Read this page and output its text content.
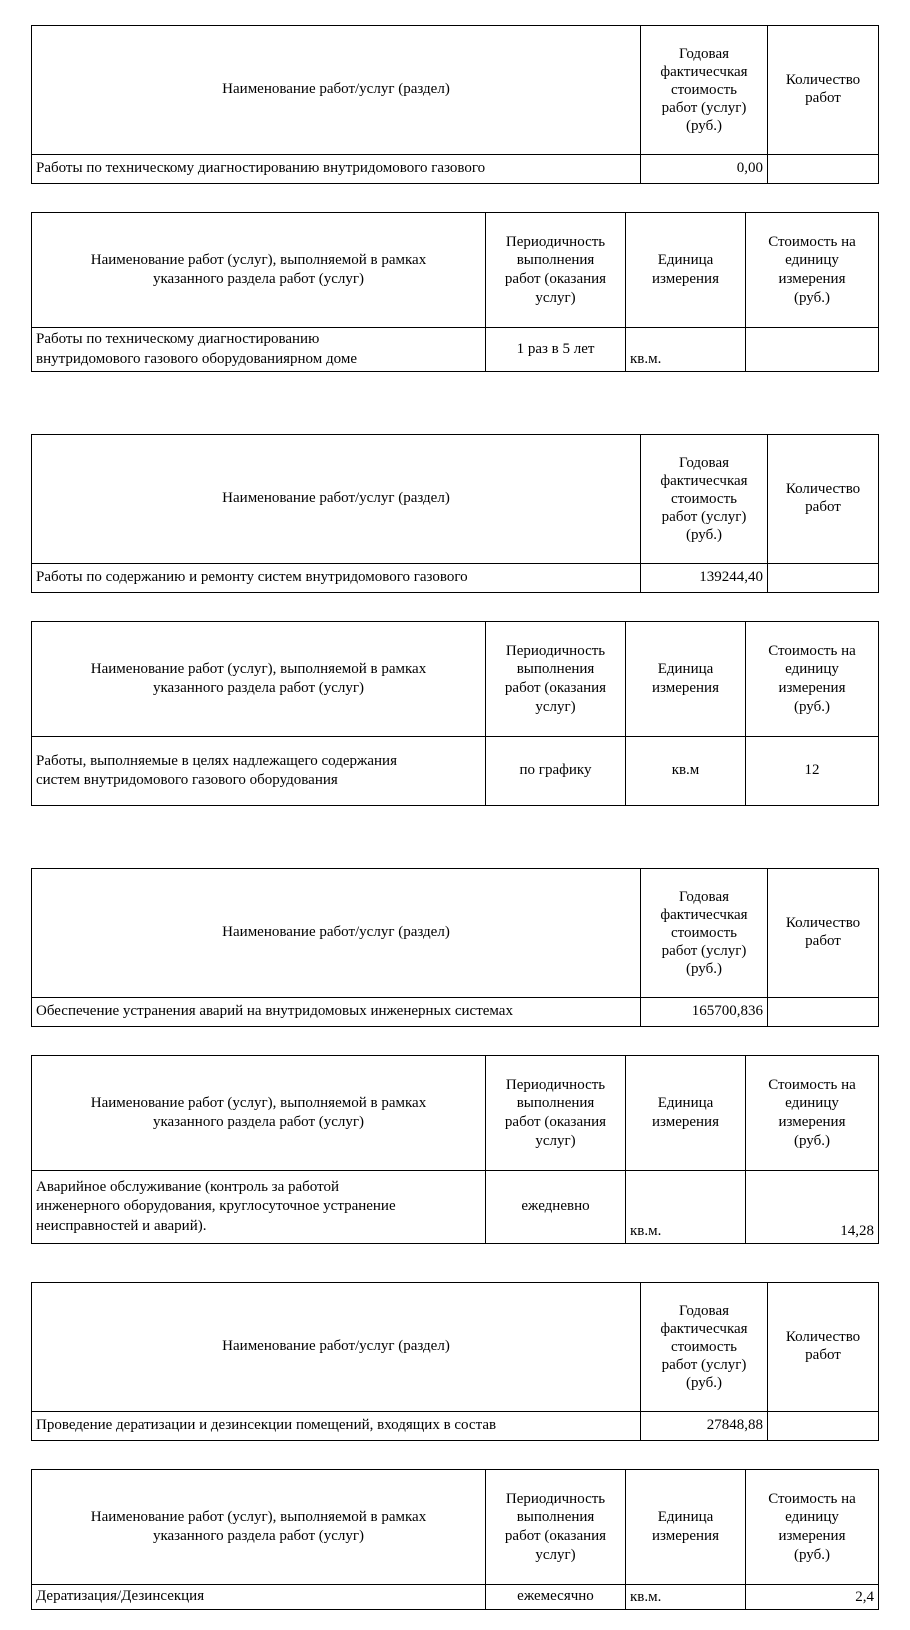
Наименование работ/услуг (раздел)	Годовая
фактичесчкая
стоимость
работ (услуг)
(руб.)	Количество
работ

Работы по техническому диагностированию внутридомового газового	0,00	
Наименование работ (услуг), выполняемой в рамках
указанного раздела работ (услуг)	Периодичность
выполнения
работ (оказания
услуг)	Единица
измерения	Стоимость на
единицу
измерения
(руб.)

Работы по техническому диагностированию
внутридомового газового оборудованиярном доме	1 раз в 5 лет	кв.м.	
Наименование работ/услуг (раздел)	Годовая
фактичесчкая
стоимость
работ (услуг)
(руб.)	Количество
работ

Работы по содержанию и ремонту систем внутридомового газового	139244,40	
Наименование работ (услуг), выполняемой в рамках
указанного раздела работ (услуг)	Периодичность
выполнения
работ (оказания
услуг)	Единица
измерения	Стоимость на
единицу
измерения
(руб.)

Работы, выполняемые в целях надлежащего содержания
систем внутридомового газового оборудования	по графику	кв.м	12
Наименование работ/услуг (раздел)	Годовая
фактичесчкая
стоимость
работ (услуг)
(руб.)	Количество
работ

Обеспечение устранения аварий на внутридомовых инженерных системах	165700,836	
Наименование работ (услуг), выполняемой в рамках
указанного раздела работ (услуг)	Периодичность
выполнения
работ (оказания
услуг)	Единица
измерения	Стоимость на
единицу
измерения
(руб.)

Аварийное обслуживание (контроль за работой
инженерного оборудования, круглосуточное устранение
неисправностей и аварий).	ежедневно	кв.м.	14,28
Наименование работ/услуг (раздел)	Годовая
фактичесчкая
стоимость
работ (услуг)
(руб.)	Количество
работ

Проведение дератизации и дезинсекции помещений, входящих в состав	27848,88	
Наименование работ (услуг), выполняемой в рамках
указанного раздела работ (услуг)	Периодичность
выполнения
работ (оказания
услуг)	Единица
измерения	Стоимость на
единицу
измерения
(руб.)

Дератизация/Дезинсекция	ежемесячно	кв.м.	2,4
